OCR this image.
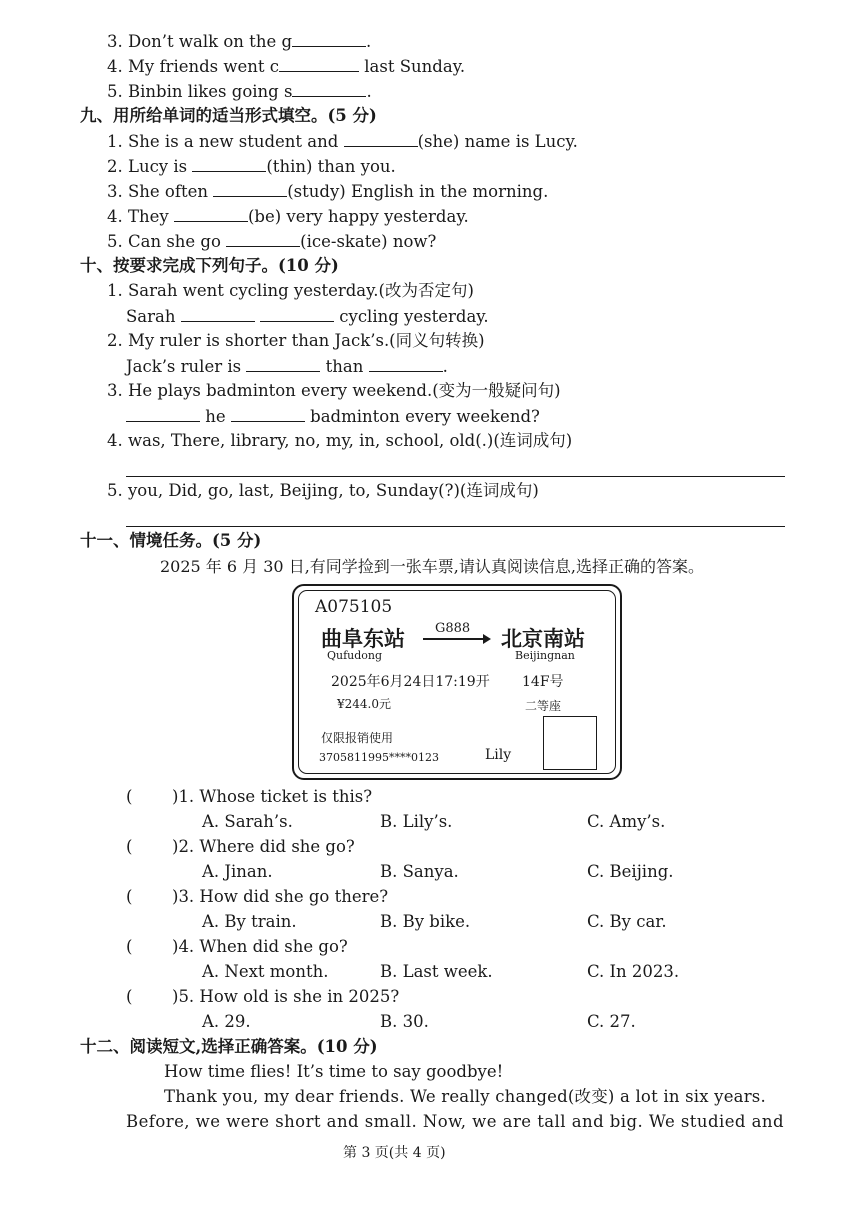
3. Don’t walk on the g	.
4. My friends went c	last Sunday.
5. Binbin likes going s	.
九、用所给单词的适当形式填空。(5 分)
1. She is a new student and	(she) name is Lucy.
2. Lucy is	(thin) than you.
3. She often	(study) English in the morning.
4. They	(be) very happy yesterday.
5. Can she go	(ice-skate) now?
十、按要求完成下列句子。(10 分)
1. Sarah went cycling yesterday.(改为否定句)
Sarah	cycling yesterday.
2. My ruler is shorter than Jack’s.(同义句转换)
Jack’s ruler is	than	.
3. He plays badminton every weekend.(变为一般疑问句)
he	badminton every weekend?
4. was, There, library, no, my, in, school, old(.)(连词成句)
5. you, Did, go, last, Beijing, to, Sunday(?)(连词成句)
十一、情境任务。(5 分)
2025 年 6 月 30 日,有同学捡到一张车票,请认真阅读信息,选择正确的答案。
A075105
曲阜东站
Qufudong
G888 北京南站
Beijingnan
2025年6月24日17:19开 14F号
¥244.0元	二等座
仅限报销使用
3705811995****0123	Lily
( )1. Whose ticket is this?
A. Sarah’s.	B. Lily’s.	C. Amy’s.
( )2. Where did she go?
A. Jinan.	B. Sanya.	C. Beijing.
( )3. How did she go there?
A. By train.	B. By bike.	C. By car.
( )4. When did she go?
A. Next month.	B. Last week.	C. In 2023.
( )5. How old is she in 2025?
A. 29.	B. 30.	C. 27.
十二、阅读短文,选择正确答案。(10 分)
How time flies! It’s time to say goodbye!
Thank you, my dear friends. We really changed(改变) a lot in six years.
Before, we were short and small. Now, we are tall and big. We studied and
第 3 页(共 4 页)
